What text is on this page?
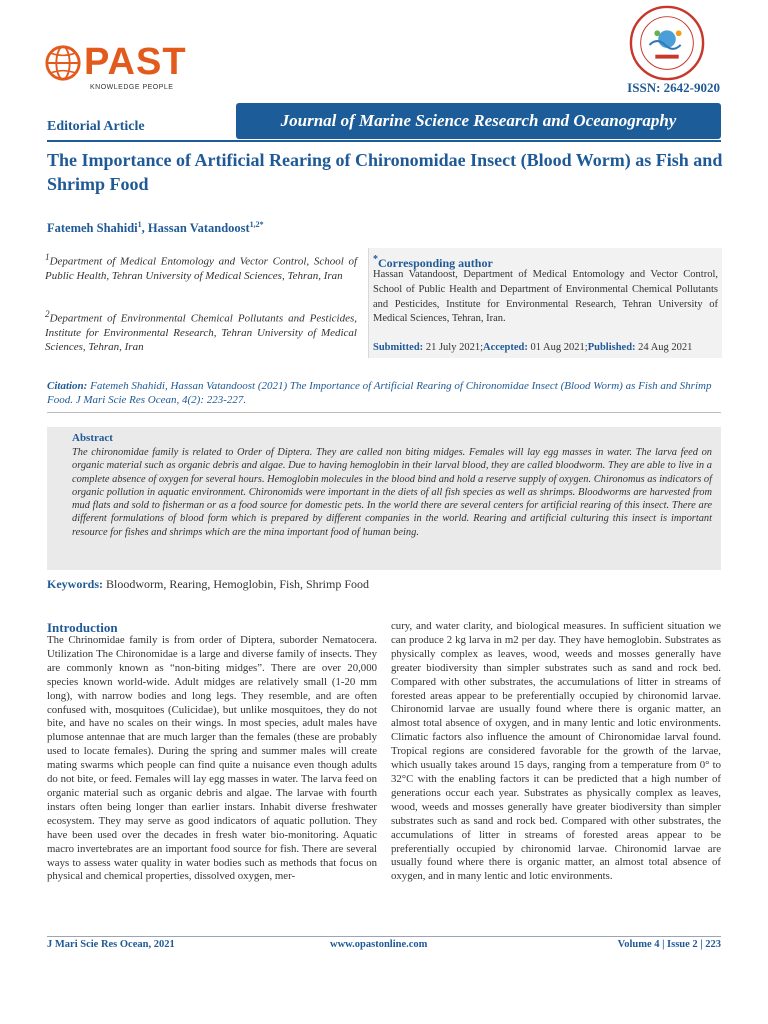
PAST
KNOWLEDGE PEOPLE	ISSN: 2642-9020
Editorial Article	Journal of Marine Science Research and Oceanography
The Importance of Artificial Rearing of Chironomidae Insect (Blood Worm) as Fish and Shrimp Food
Fatemeh Shahidi$^1$, Hassan Vatandoost$^{1,2*}$
$^1$Department of Medical Entomology and Vector Control, School of Public Health, Tehran University of Medical Sciences, Tehran, Iran
$^2$Department of Environmental Chemical Pollutants and Pesticides, Institute for Environmental Research, Tehran University of Medical Sciences, Tehran, Iran
*Corresponding author
Hassan Vatandoost, Department of Medical Entomology and Vector Control, School of Public Health and Department of Environmental Chemical Pollutants and Pesticides, Institute for Environmental Research, Tehran University of Medical Sciences, Tehran, Iran.
Submitted: 21 July 2021;Accepted: 01 Aug 2021;Published: 24 Aug 2021
Citation: Fatemeh Shahidi, Hassan Vatandoost (2021) The Importance of Artificial Rearing of Chironomidae Insect (Blood Worm) as Fish and Shrimp Food. J Mari Scie Res Ocean, 4(2): 223-227.
Abstract
The chironomidae family is related to Order of Diptera. They are called non biting midges. Females will lay egg masses in water. The larva feed on organic material such as organic debris and algae. Due to having hemoglobin in their larval blood, they are called bloodworm. They are able to live in a complete absence of oxygen for several hours. Hemoglobin molecules in the blood bind and hold a reserve supply of oxygen. Chironomus as indicators of organic pollution in aquatic environment. Chironomids were important in the diets of all fish species as well as shrimps. Bloodworms are harvested from mud flats and sold to fisherman or as a food source for domestic pets. In the world there are several centers for artificial rearing of this insect. There are different formulations of blood form which is prepared by different companies in the world. Rearing and artificial culturing this insect is important resource for fishes and shrimps which are the mina important food of human being.
Keywords: Bloodworm, Rearing, Hemoglobin, Fish, Shrimp Food
Introduction
The Chrinomidae family is from order of Diptera, suborder Nematocera. Utilization The Chironomidae is a large and diverse family of insects. They are commonly known as “non-biting midges”. There are over 20,000 species known world-wide. Adult midges are relatively small (1-20 mm long), with narrow bodies and long legs. They resemble, and are often confused with, mosquitoes (Culicidae), but unlike mosquitoes, they do not bite, and have no scales on their wings. In most species, adult males have plumose antennae that are much larger than the females (these are probably used to locate females). During the spring and summer males will create mating swarms which people can find quite a nuisance even though adults do not bite, or feed. Females will lay egg masses in water. The larva feed on organic material such as organic debris and algae. The larvae with fourth instars often being longer than earlier instars. Inhabit diverse freshwater ecosystem. They may serve as good indicators of aquatic pollution. They have been used over the decades in fresh water bio-monitoring. Aquatic macro invertebrates are an important food source for fish. There are several ways to assess water quality in water bodies such as methods that focus on physical and chemical properties, dissolved oxygen, mer-
cury, and water clarity, and biological measures. In sufficient situation we can produce 2 kg larva in m2 per day. They have hemoglobin. Substrates as physically complex as leaves, wood, weeds and mosses generally have greater biodiversity than simpler substrates such as sand and rock bed. Compared with other substrates, the accumulations of litter in streams of forested areas appear to be preferentially occupied by chironomid larvae. Chironomid larvae are usually found where there is organic matter, an almost total absence of oxygen, and in many lentic and lotic environments. Climatic factors also influence the amount of Chironomidae larval found. Tropical regions are considered favorable for the growth of the larvae, which usually takes around 15 days, ranging from a temperature from 0° to 32°C with the enabling factors it can be predicted that a high number of generations occur each year. Substrates as physically complex as leaves, wood, weeds and mosses generally have greater biodiversity than simpler substrates such as sand and rock bed. Compared with other substrates, the accumulations of litter in streams of forested areas appear to be preferentially occupied by chironomid larvae. Chironomid larvae are usually found where there is organic matter, an almost total absence of oxygen, and in many lentic and lotic environments.
J Mari Scie Res Ocean, 2021	www.opastonline.com	Volume 4 | Issue 2 | 223
